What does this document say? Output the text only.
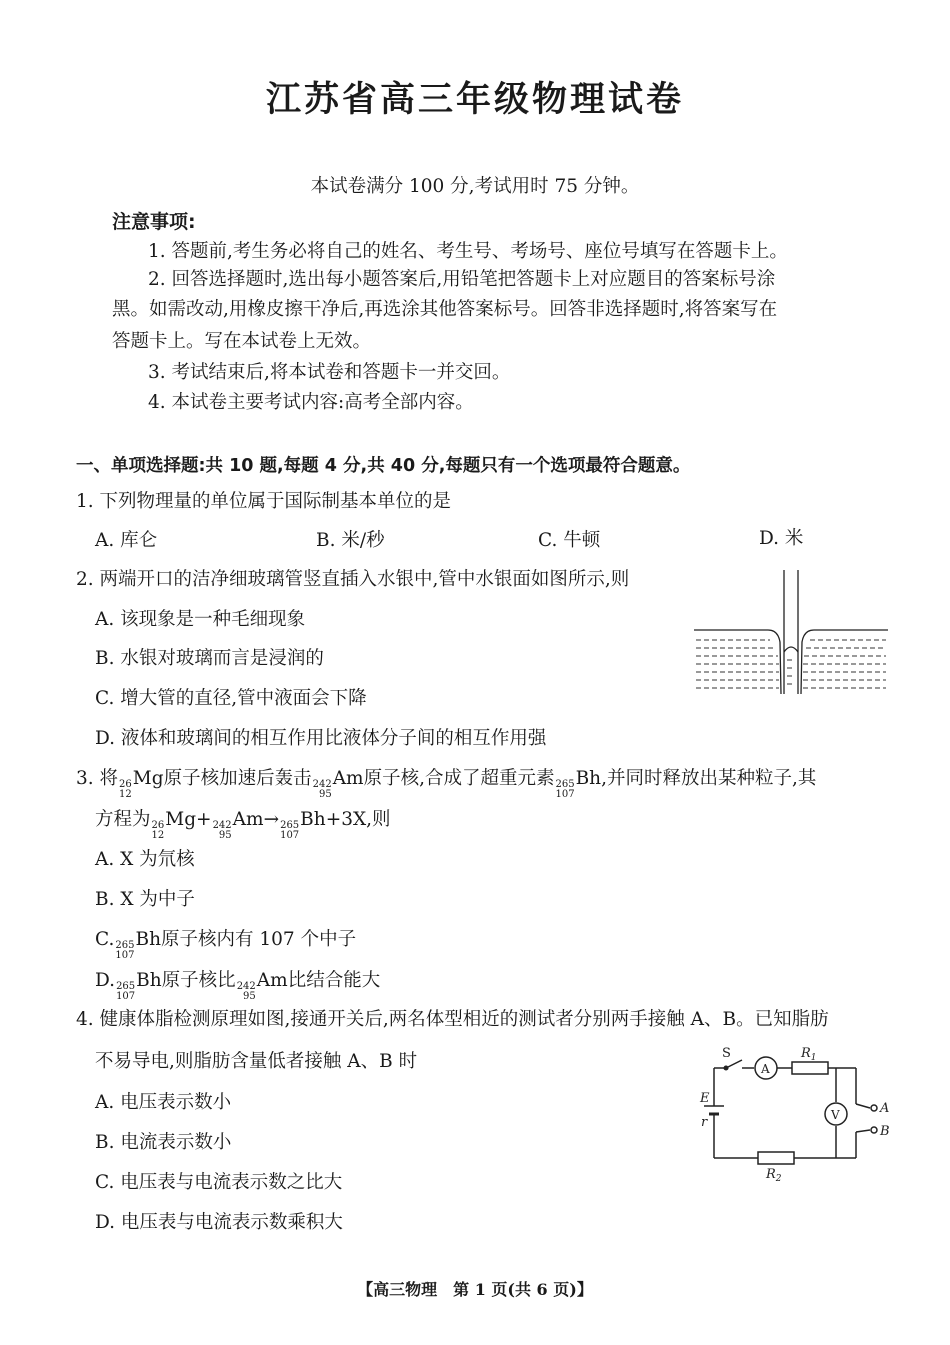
江苏省高三年级物理试卷
本试卷满分 100 分,考试用时 75 分钟。
注意事项:
1. 答题前,考生务必将自己的姓名、考生号、考场号、座位号填写在答题卡上。
2. 回答选择题时,选出每小题答案后,用铅笔把答题卡上对应题目的答案标号涂
黑。如需改动,用橡皮擦干净后,再选涂其他答案标号。回答非选择题时,将答案写在
答题卡上。写在本试卷上无效。
3. 考试结束后,将本试卷和答题卡一并交回。
4. 本试卷主要考试内容:高考全部内容。
一、单项选择题:共 10 题,每题 4 分,共 40 分,每题只有一个选项最符合题意。
1. 下列物理量的单位属于国际制基本单位的是
A. 库仑	B. 米/秒	C. 牛顿	D. 米
2. 两端开口的洁净细玻璃管竖直插入水银中,管中水银面如图所示,则
A. 该现象是一种毛细现象
B. 水银对玻璃而言是浸润的
C. 增大管的直径,管中液面会下降
D. 液体和玻璃间的相互作用比液体分子间的相互作用强
3. 将 26
12
Mg原子核加速后轰击 242
95
Am原子核,合成了超重元素 265
107
Bh,并同时释放出某种粒子,其
方程为 26
12
Mg+ 242
95
Am→ 265
107
Bh+3X,则
A. X 为氘核
B. X 为中子
C. 265
107
Bh原子核内有 107 个中子
D. 265
107
Bh原子核比 242
95
Am比结合能大
4. 健康体脂检测原理如图,接通开关后,两名体型相近的测试者分别两手接触 A、B。已知脂肪
不易导电,则脂肪含量低者接触 A、B 时
A. 电压表示数小
B. 电流表示数小
C. 电压表与电流表示数之比大
D. 电压表与电流表示数乘积大
S
A
V
$R_1$
$R_2$
E
r
A
B
【高三物理　第 1 页(共 6 页)】
